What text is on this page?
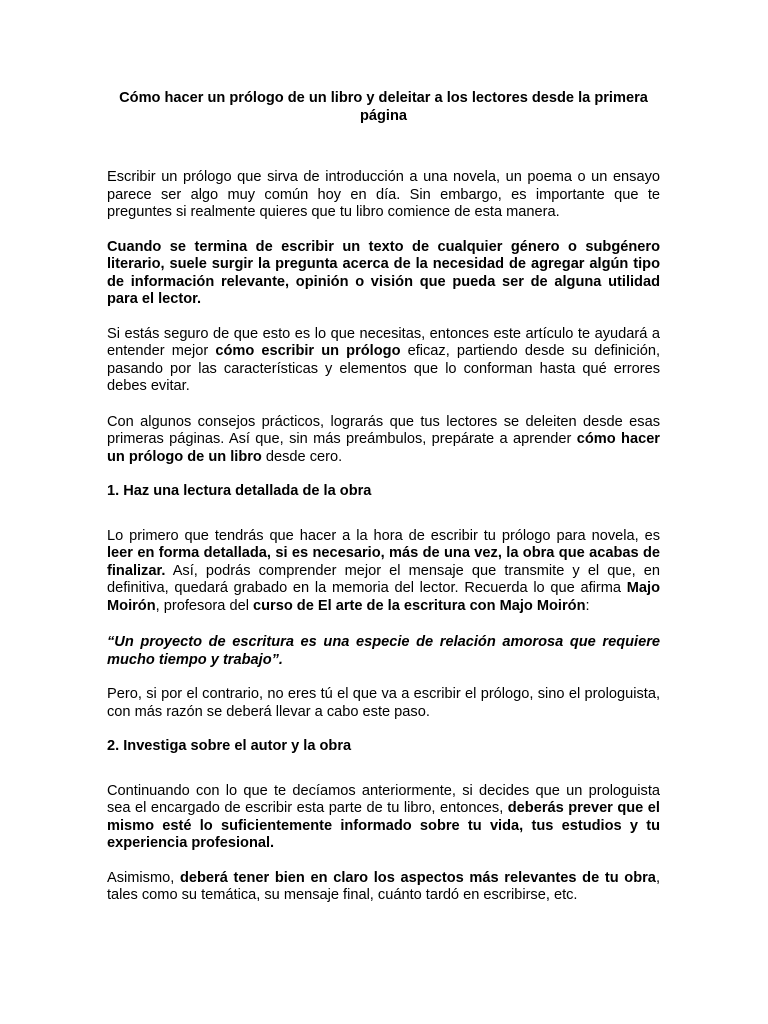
Cómo hacer un prólogo de un libro y deleitar a los lectores desde la primera página

Escribir un prólogo que sirva de introducción a una novela, un poema o un ensayo parece ser algo muy común hoy en día. Sin embargo, es importante que te preguntes si realmente quieres que tu libro comience de esta manera.

Cuando se termina de escribir un texto de cualquier género o subgénero literario, suele surgir la pregunta acerca de la necesidad de agregar algún tipo de información relevante, opinión o visión que pueda ser de alguna utilidad para el lector.

Si estás seguro de que esto es lo que necesitas, entonces este artículo te ayudará a entender mejor cómo escribir un prólogo eficaz, partiendo desde su definición, pasando por las características y elementos que lo conforman hasta qué errores debes evitar.

Con algunos consejos prácticos, lograrás que tus lectores se deleiten desde esas primeras páginas. Así que, sin más preámbulos, prepárate a aprender cómo hacer un prólogo de un libro desde cero.

1. Haz una lectura detallada de la obra

Lo primero que tendrás que hacer a la hora de escribir tu prólogo para novela, es leer en forma detallada, si es necesario, más de una vez, la obra que acabas de finalizar. Así, podrás comprender mejor el mensaje que transmite y el que, en definitiva, quedará grabado en la memoria del lector. Recuerda lo que afirma Majo Moirón, profesora del curso de El arte de la escritura con Majo Moirón:

“Un proyecto de escritura es una especie de relación amorosa que requiere mucho tiempo y trabajo”.

Pero, si por el contrario, no eres tú el que va a escribir el prólogo, sino el prologuista, con más razón se deberá llevar a cabo este paso.

2. Investiga sobre el autor y la obra

Continuando con lo que te decíamos anteriormente, si decides que un prologuista sea el encargado de escribir esta parte de tu libro, entonces, deberás prever que el mismo esté lo suficientemente informado sobre tu vida, tus estudios y tu experiencia profesional.

Asimismo, deberá tener bien en claro los aspectos más relevantes de tu obra, tales como su temática, su mensaje final, cuánto tardó en escribirse, etc.
